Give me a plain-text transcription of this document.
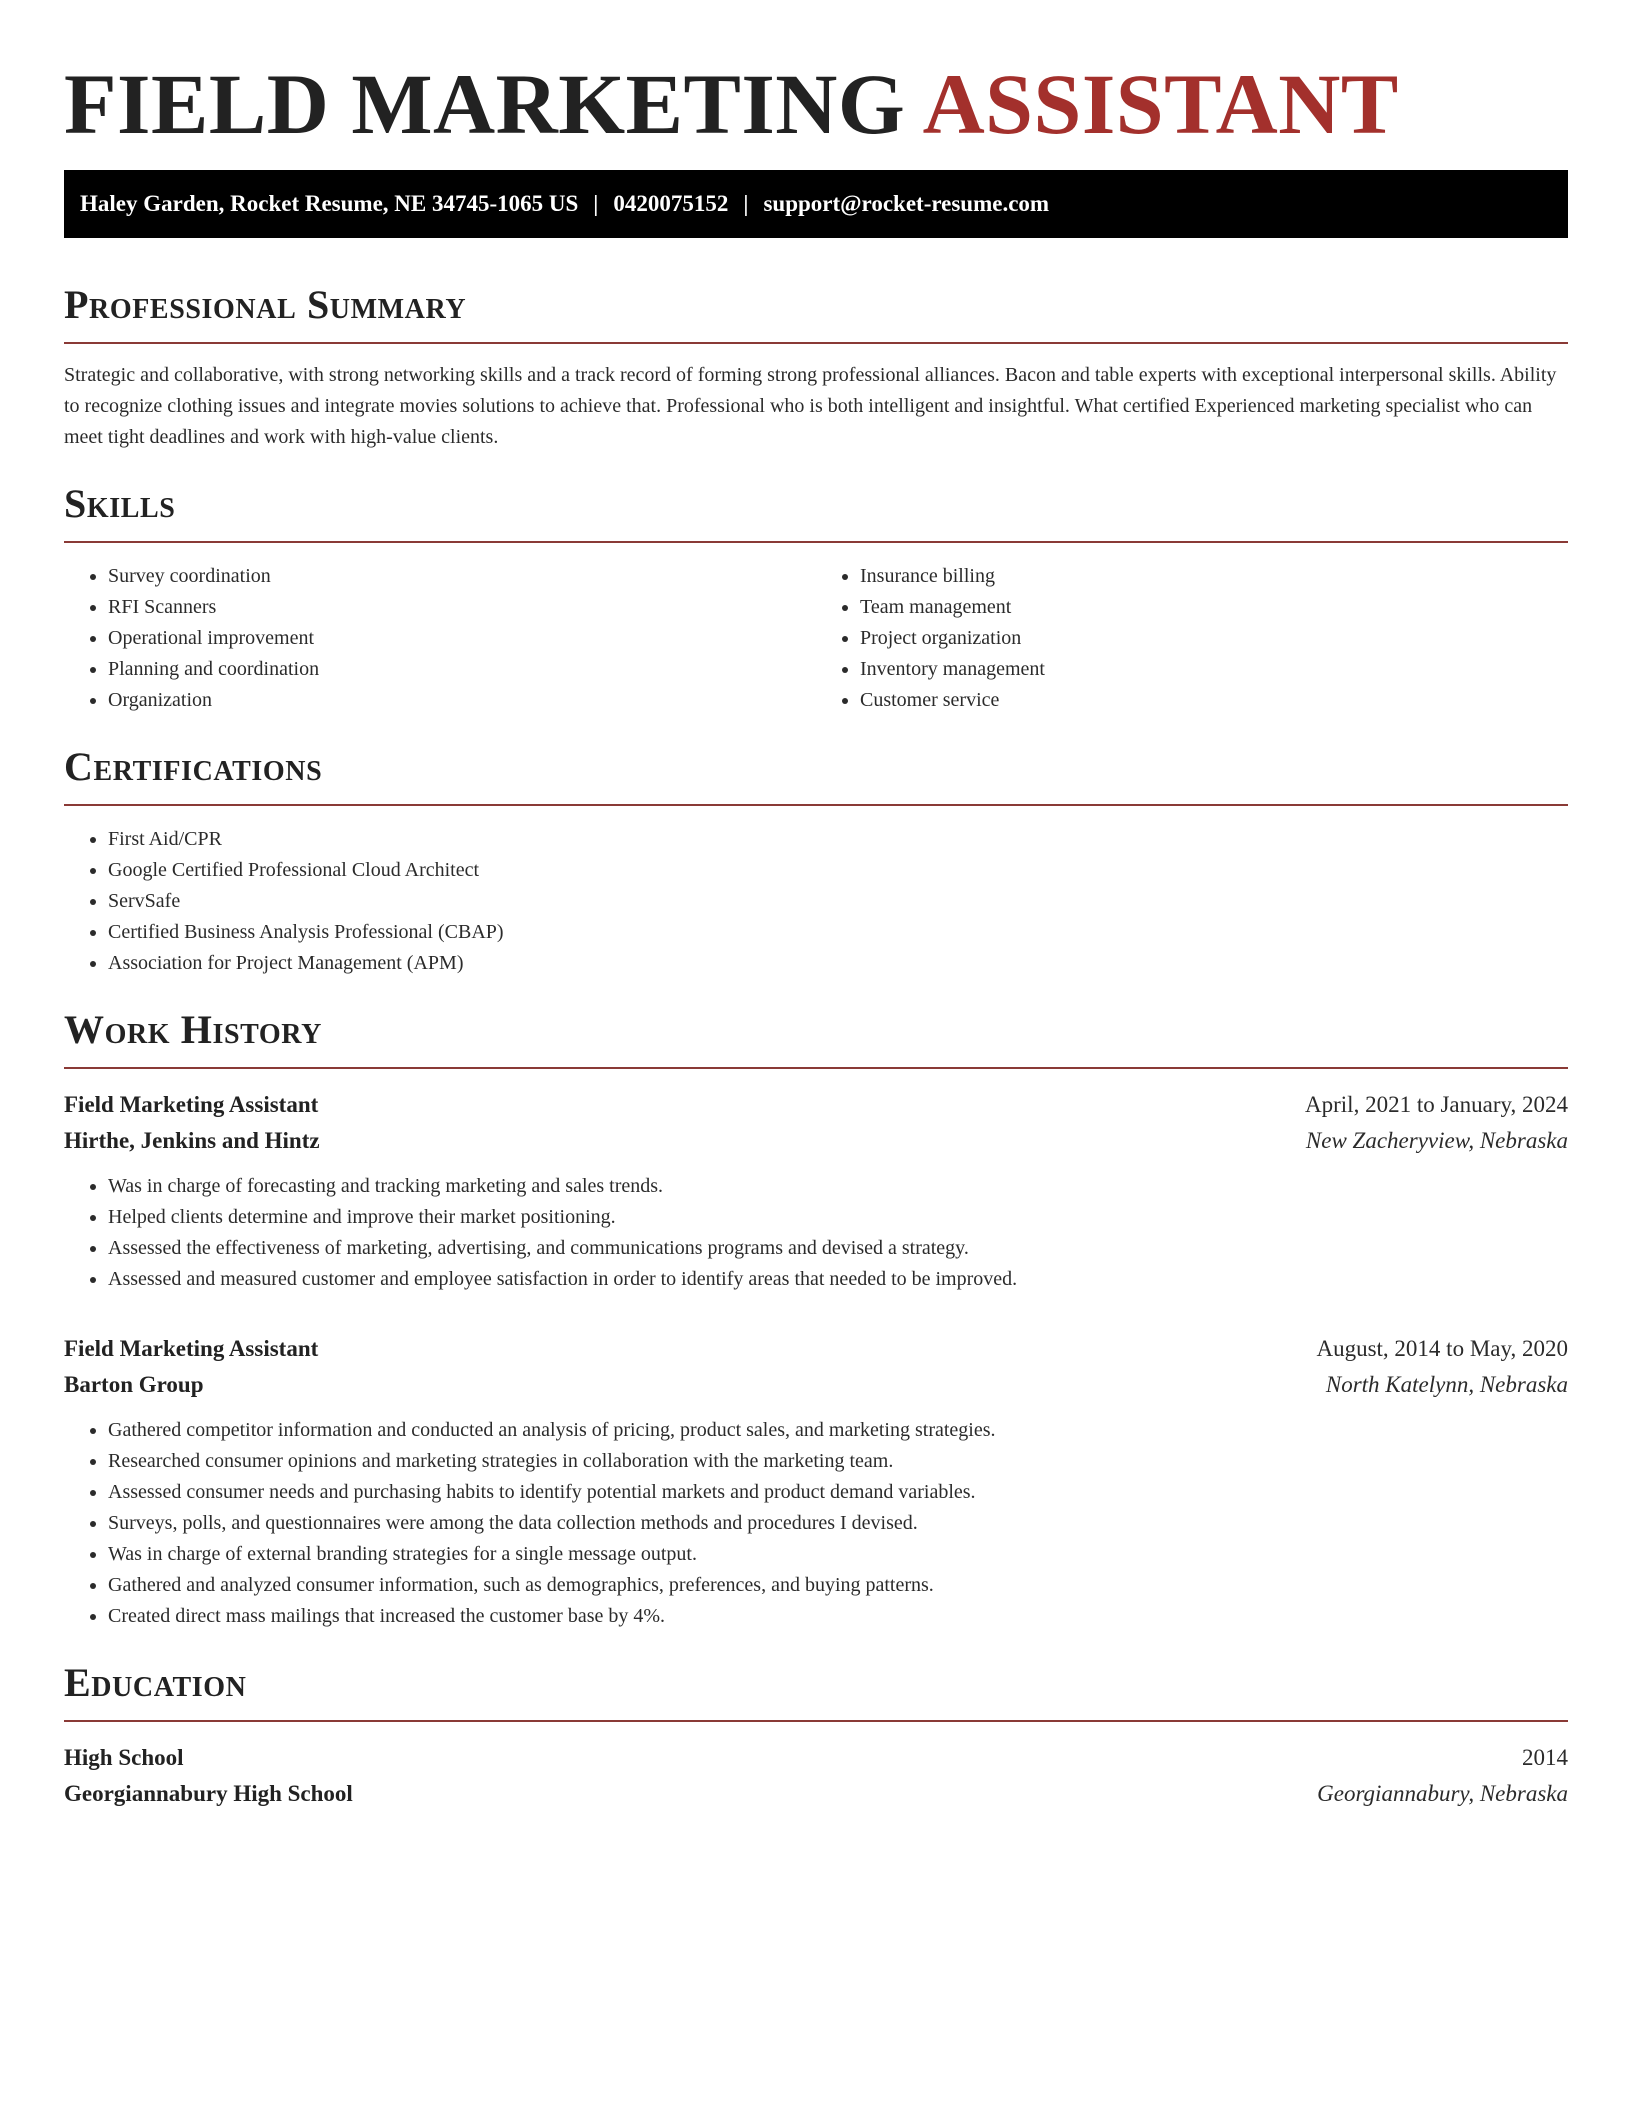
FIELD MARKETING ASSISTANT
Haley Garden, Rocket Resume, NE 34745-1065 US | 0420075152 | support@rocket-resume.com
Professional Summary

Strategic and collaborative, with strong networking skills and a track record of forming strong professional alliances. Bacon and table experts with exceptional interpersonal skills. Ability to recognize clothing issues and integrate movies solutions to achieve that. Professional who is both intelligent and insightful. What certified Experienced marketing specialist who can meet tight deadlines and work with high-value clients.

Skills
• Survey coordination
• RFI Scanners
• Operational improvement
• Planning and coordination
• Organization
• Insurance billing
• Team management
• Project organization
• Inventory management
• Customer service
Certifications
• First Aid/CPR
• Google Certified Professional Cloud Architect
• ServSafe
• Certified Business Analysis Professional (CBAP)
• Association for Project Management (APM)
Work History
Field Marketing Assistant	April, 2021 to January, 2024
Hirthe, Jenkins and Hintz	New Zacheryview, Nebraska
• Was in charge of forecasting and tracking marketing and sales trends.
• Helped clients determine and improve their market positioning.
• Assessed the effectiveness of marketing, advertising, and communications programs and devised a strategy.
• Assessed and measured customer and employee satisfaction in order to identify areas that needed to be improved.
Field Marketing Assistant	August, 2014 to May, 2020
Barton Group	North Katelynn, Nebraska
• Gathered competitor information and conducted an analysis of pricing, product sales, and marketing strategies.
• Researched consumer opinions and marketing strategies in collaboration with the marketing team.
• Assessed consumer needs and purchasing habits to identify potential markets and product demand variables.
• Surveys, polls, and questionnaires were among the data collection methods and procedures I devised.
• Was in charge of external branding strategies for a single message output.
• Gathered and analyzed consumer information, such as demographics, preferences, and buying patterns.
• Created direct mass mailings that increased the customer base by 4%.
Education
High School	2014
Georgiannabury High School	Georgiannabury, Nebraska
